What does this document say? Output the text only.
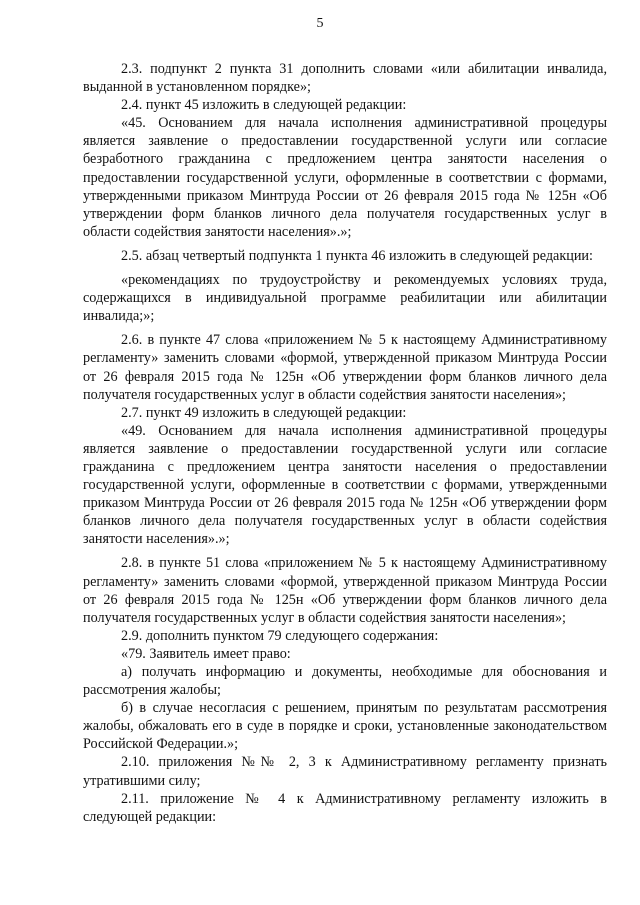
5

2.3. подпункт 2 пункта 31 дополнить словами «или абилитации инвалида, выданной в установленном порядке»;

2.4. пункт 45 изложить в следующей редакции:

«45. Основанием для начала исполнения административной процедуры является заявление о предоставлении государственной услуги или согласие безработного гражданина с предложением центра занятости населения о предоставлении государственной услуги, оформленные в соответствии с формами, утвержденными приказом Минтруда России от 26 февраля 2015 года № 125н «Об утверждении форм бланков личного дела получателя государственных услуг в области содействия занятости населения».»;

2.5. абзац четвертый подпункта 1 пункта 46 изложить в следующей редакции:

«рекомендациях по трудоустройству и рекомендуемых условиях труда, содержащихся в индивидуальной программе реабилитации или абилитации инвалида;»;

2.6. в пункте 47 слова «приложением № 5 к настоящему Административному регламенту» заменить словами «формой, утвержденной приказом Минтруда России от 26 февраля 2015 года № 125н «Об утверждении форм бланков личного дела получателя государственных услуг в области содействия занятости населения»;

2.7. пункт 49 изложить в следующей редакции:

«49. Основанием для начала исполнения административной процедуры является заявление о предоставлении государственной услуги или согласие гражданина с предложением центра занятости населения о предоставлении государственной услуги, оформленные в соответствии с формами, утвержденными приказом Минтруда России от 26 февраля 2015 года № 125н «Об утверждении форм бланков личного дела получателя государственных услуг в области содействия занятости населения».»;

2.8. в пункте 51 слова «приложением № 5 к настоящему Административному регламенту» заменить словами «формой, утвержденной приказом Минтруда России от 26 февраля 2015 года № 125н «Об утверждении форм бланков личного дела получателя государственных услуг в области содействия занятости населения»;

2.9. дополнить пунктом 79 следующего содержания:

«79. Заявитель имеет право:

а) получать информацию и документы, необходимые для обоснования и рассмотрения жалобы;

б) в случае несогласия с решением, принятым по результатам рассмотрения жалобы, обжаловать его в суде в порядке и сроки, установленные законодательством Российской Федерации.»;

2.10. приложения №№ 2, 3 к Административному регламенту признать утратившими силу;

2.11. приложение № 4 к Административному регламенту изложить в следующей редакции:
